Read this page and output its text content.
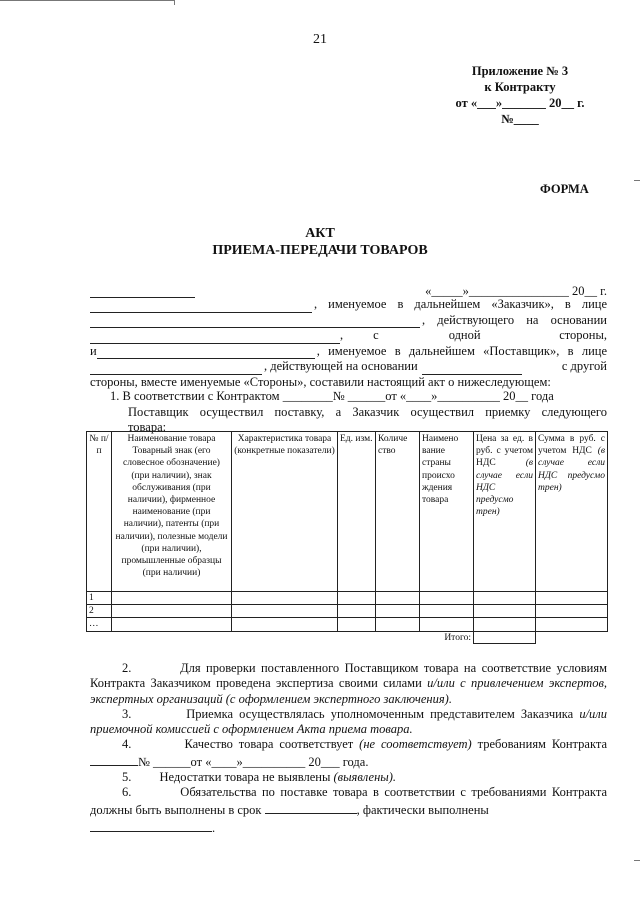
21
Приложение № 3
к Контракту
от «___»_______ 20__ г.
№____
ФОРМА
АКТ
ПРИЕМА-ПЕРЕДАЧИ ТОВАРОВ
«_____»________________ 20__ г.
, именуемое в дальнейшем «Заказчик», в лице
, действующего на основании
, с	одной	стороны,
и	, именуемое в дальнейшем «Поставщик», в лице
, действующей на основании	с другой
стороны, вместе именуемые «Стороны», составили настоящий акт о нижеследующем:
1. В соответствии с Контрактом ________№ ______от «____»__________ 20__ года
Поставщик осуществил поставку, а Заказчик осуществил приемку следующего
товара:
№ п/п	Наименование товара Товарный знак (его словесное обозначение) (при наличии), знак обслуживания (при наличии), фирменное наименование (при наличии), патенты (при наличии), полезные модели (при наличии), промышленные образцы (при наличии)	Характеристика товара (конкретные показатели)	Ед. изм.	Количе ство	Наимено вание страны происхо ждения товара	Цена за ед. в руб. с учетом НДС (в случае если НДС предусмо трен)	Сумма в руб. с учетом НДС (в случае если НДС предусмо трен)
1							
2							
…							
					Итого:		

2.	Для проверки поставленного Поставщиком товара на соответствие условиям Контракта Заказчиком проведена экспертиза своими силами и/или с привлечением экспертов, экспертных организаций (с оформлением экспертного заключения).

3.	Приемка осуществлялась уполномоченным представителем Заказчика и/или приемочной комиссией с оформлением Акта приема товара.

4.	Качество товара соответствует (не соответствует) требованиям Контракта№ ______от «____»__________ 20___ года.

5. Недостатки товара не выявлены (выявлены).

6.	Обязательства по поставке товара в соответствии с требованиями Контракта должны быть выполнены в срок	, фактически выполнены

.
